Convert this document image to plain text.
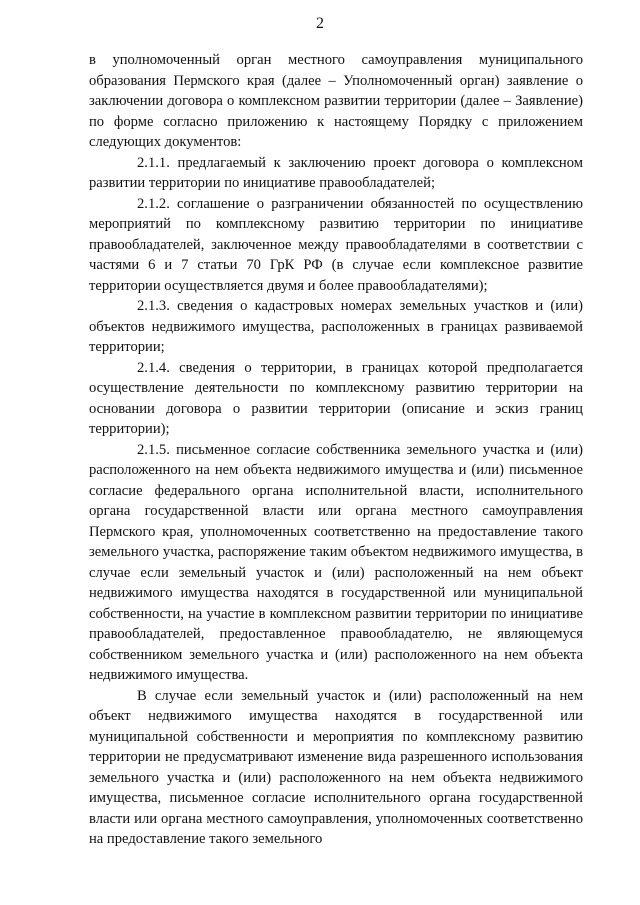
2

в уполномоченный орган местного самоуправления муниципального образования Пермского края (далее – Уполномоченный орган) заявление о заключении договора о комплексном развитии территории (далее – Заявление) по форме согласно приложению к настоящему Порядку с приложением следующих документов:

2.1.1. предлагаемый к заключению проект договора о комплексном развитии территории по инициативе правообладателей;

2.1.2. соглашение о разграничении обязанностей по осуществлению мероприятий по комплексному развитию территории по инициативе правообладателей, заключенное между правообладателями в соответствии с частями 6 и 7 статьи 70 ГрК РФ (в случае если комплексное развитие территории осуществляется двумя и более правообладателями);

2.1.3. сведения о кадастровых номерах земельных участков и (или) объектов недвижимого имущества, расположенных в границах развиваемой территории;

2.1.4. сведения о территории, в границах которой предполагается осуществление деятельности по комплексному развитию территории на основании договора о развитии территории (описание и эскиз границ территории);

2.1.5. письменное согласие собственника земельного участка и (или) расположенного на нем объекта недвижимого имущества и (или) письменное согласие федерального органа исполнительной власти, исполнительного органа государственной власти или органа местного самоуправления Пермского края, уполномоченных соответственно на предоставление такого земельного участка, распоряжение таким объектом недвижимого имущества, в случае если земельный участок и (или) расположенный на нем объект недвижимого имущества находятся в государственной или муниципальной собственности, на участие в комплексном развитии территории по инициативе правообладателей, предоставленное правообладателю, не являющемуся собственником земельного участка и (или) расположенного на нем объекта недвижимого имущества.

В случае если земельный участок и (или) расположенный на нем объект недвижимого имущества находятся в государственной или муниципальной собственности и мероприятия по комплексному развитию территории не предусматривают изменение вида разрешенного использования земельного участка и (или) расположенного на нем объекта недвижимого имущества, письменное согласие исполнительного органа государственной власти или органа местного самоуправления, уполномоченных соответственно на предоставление такого земельного
